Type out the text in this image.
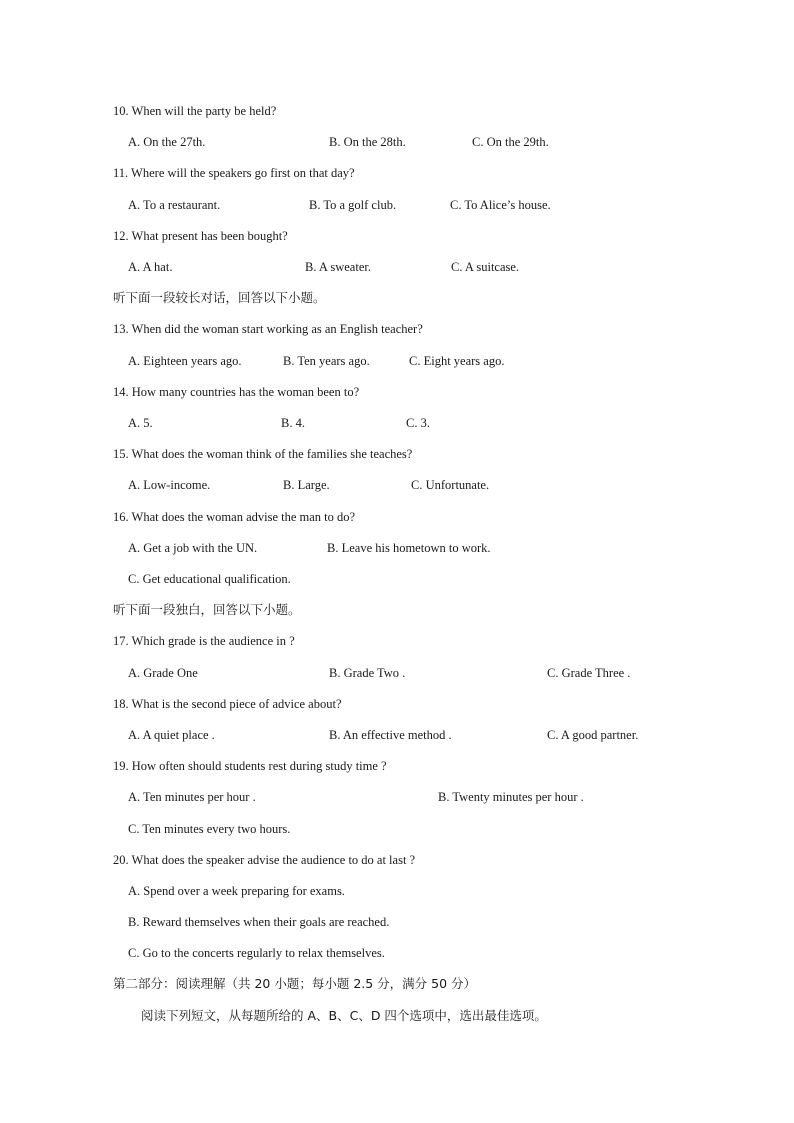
10. When will the party be held?
A. On the 27th.	B. On the 28th.	C. On the 29th.
11. Where will the speakers go first on that day?
A. To a restaurant.	B. To a golf club.	C. To Alice’s house.
12. What present has been bought?
A. A hat.	B. A sweater.	C. A suitcase.
听下面一段较长对话，回答以下小题。
13. When did the woman start working as an English teacher?
A. Eighteen years ago.	B. Ten years ago.	C. Eight years ago.
14. How many countries has the woman been to?
A. 5.	B. 4.	C. 3.
15. What does the woman think of the families she teaches?
A. Low-income.	B. Large.	C. Unfortunate.
16. What does the woman advise the man to do?
A. Get a job with the UN.	B. Leave his hometown to work.
C. Get educational qualification.
听下面一段独白，回答以下小题。
17. Which grade is the audience in ?
A. Grade One	B. Grade Two .	C. Grade Three .
18. What is the second piece of advice about?
A. A quiet place .	B. An effective method .	C. A good partner.
19. How often should students rest during study time ?
A. Ten minutes per hour .	B. Twenty minutes per hour .
C. Ten minutes every two hours.
20. What does the speaker advise the audience to do at last ?
A. Spend over a week preparing for exams.
B. Reward themselves when their goals are reached.
C. Go to the concerts regularly to relax themselves.
第二部分：阅读理解（共 20 小题；每小题 2.5 分，满分 50 分）
阅读下列短文，从每题所给的 A、B、C、D 四个选项中，选出最佳选项。
